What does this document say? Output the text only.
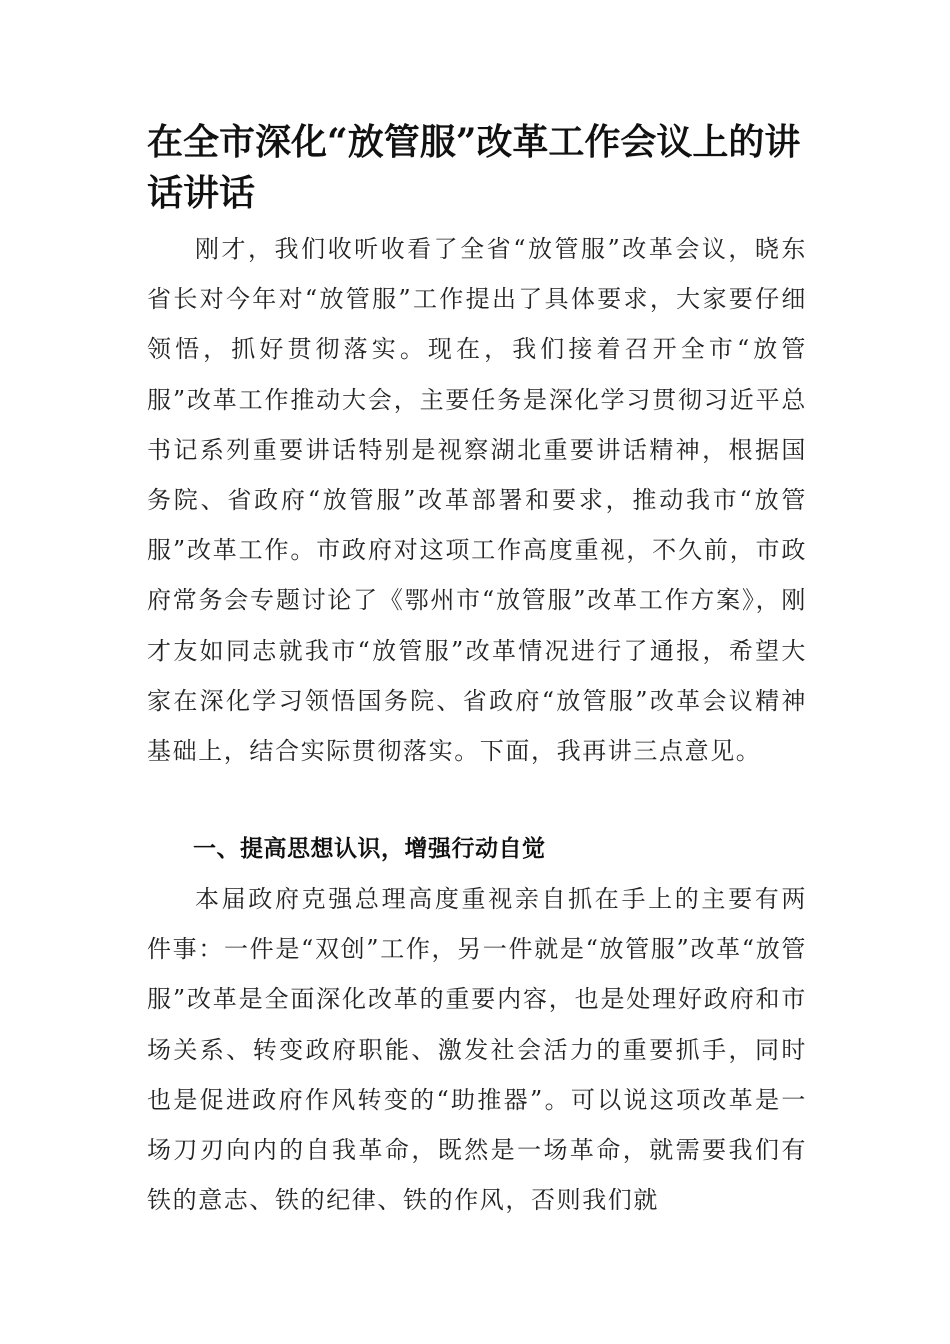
在全市深化“放管服”改革工作会议上的讲话讲话

刚才，我们收听收看了全省“放管服”改革会议，晓东省长对今年对“放管服”工作提出了具体要求，大家要仔细领悟，抓好贯彻落实。现在，我们接着召开全市“放管服”改革工作推动大会，主要任务是深化学习贯彻习近平总书记系列重要讲话特别是视察湖北重要讲话精神，根据国务院、省政府“放管服”改革部署和要求，推动我市“放管服”改革工作。市政府对这项工作高度重视，不久前，市政府常务会专题讨论了《鄂州市“放管服”改革工作方案》，刚才友如同志就我市“放管服”改革情况进行了通报，希望大家在深化学习领悟国务院、省政府“放管服”改革会议精神基础上，结合实际贯彻落实。下面，我再讲三点意见。

一、提高思想认识，增强行动自觉

本届政府克强总理高度重视亲自抓在手上的主要有两件事：一件是“双创”工作，另一件就是“放管服”改革“放管服”改革是全面深化改革的重要内容，也是处理好政府和市场关系、转变政府职能、激发社会活力的重要抓手，同时也是促进政府作风转变的“助推器”。可以说这项改革是一场刀刃向内的自我革命，既然是一场革命，就需要我们有铁的意志、铁的纪律、铁的作风，否则我们就
